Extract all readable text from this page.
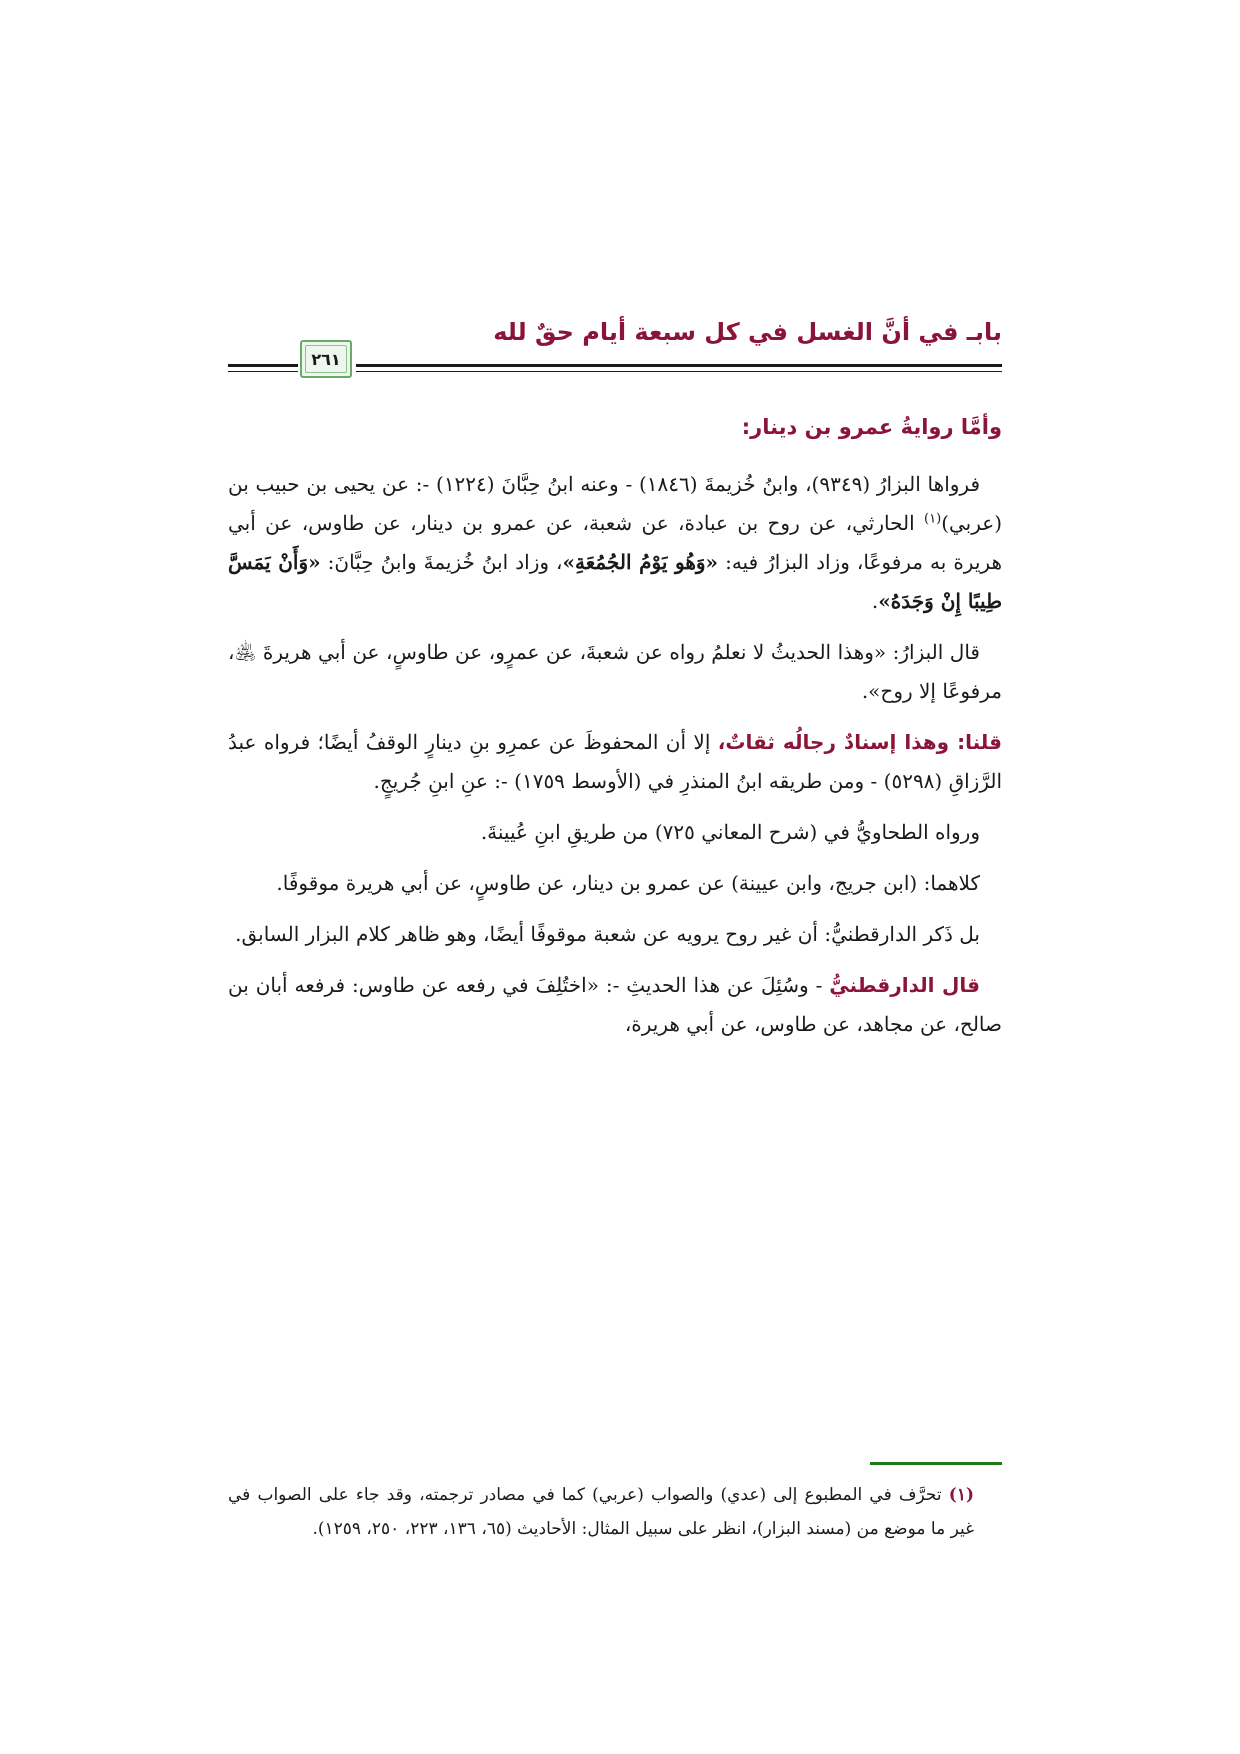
بابـ في أنَّ الغسل في كل سبعة أيام حقٌ لله
٢٦١
وأمَّا روايةُ عمرو بن دينار:

فرواها البزارُ (٩٣٤٩)، وابنُ خُزيمةَ (١٨٤٦) - وعنه ابنُ حِبَّانَ (١٢٢٤) -: عن يحيى بن حبيب بن (عربي)$^{(١)}$ الحارثي، عن روح بن عبادة، عن شعبة، عن عمرو بن دينار، عن طاوس، عن أبي هريرة به مرفوعًا، وزاد البزارُ فيه: «وَهُو يَوْمُ الجُمُعَةِ»، وزاد ابنُ خُزيمةَ وابنُ حِبَّانَ: «وَأَنْ يَمَسَّ طِيبًا إِنْ وَجَدَهُ».

قال البزارُ: «وهذا الحديثُ لا نعلمُ رواه عن شعبةَ، عن عمرٍو، عن طاوسٍ، عن أبي هريرةَ ﵁، مرفوعًا إلا روح».

قلنا: وهذا إسنادٌ رجالُه ثقاتٌ، إلا أن المحفوظَ عن عمرِو بنِ دينارٍ الوقفُ أيضًا؛ فرواه عبدُ الرَّزاقِ (٥٢٩٨) - ومن طريقه ابنُ المنذرِ في (الأوسط ١٧٥٩) -: عنِ ابنِ جُريجٍ.

ورواه الطحاويُّ في (شرح المعاني ٧٢٥) من طريقِ ابنِ عُيينةَ.

كلاهما: (ابن جريج، وابن عيينة) عن عمرو بن دينار، عن طاوسٍ، عن أبي هريرة موقوفًا.

بل ذَكر الدارقطنيُّ: أن غير روح يرويه عن شعبة موقوفًا أيضًا، وهو ظاهر كلام البزار السابق.

قال الدارقطنيُّ - وسُئِلَ عن هذا الحديثِ -: «اختُلِفَ في رفعه عن طاوس: فرفعه أبان بن صالح، عن مجاهد، عن طاوس، عن أبي هريرة،

(١) تحرَّف في المطبوع إلى (عدي) والصواب (عربي) كما في مصادر ترجمته، وقد جاء على الصواب في غير ما موضع من (مسند البزار)، انظر على سبيل المثال: الأحاديث (٦٥، ١٣٦، ٢٢٣، ٢٥٠، ١٢٥٩).
